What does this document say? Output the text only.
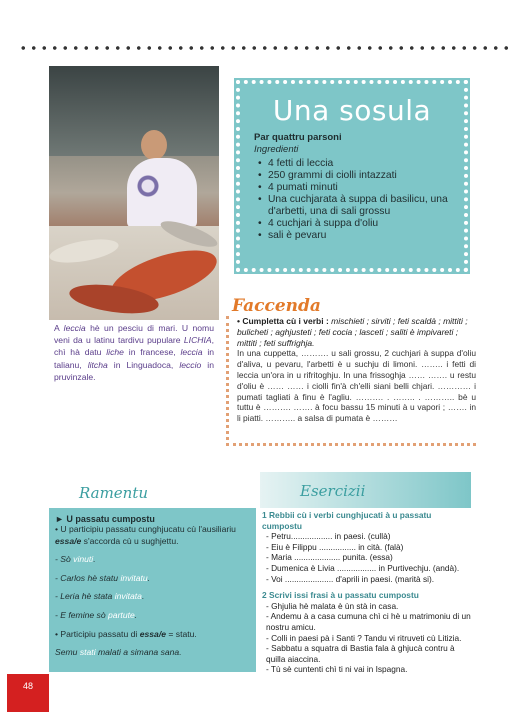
A leccia hè un pesciu di mari. U nomu veni da u latinu tardivu pupulare LICHIA, chì hà datu liche in francese, leccia in talianu, litcha in Linguadoca, leccio in pruvinzale.
Una sosula
Par quattru parsoni
Ingredienti
• 4 fetti di leccia
• 250 grammi di ciolli intazzati
• 4 pumati minuti
• Una cuchjarata à suppa di basilicu, una d'arbetti, una di sali grossu
• 4 cuchjari à suppa d'oliu
• sali è pevaru
Faccenda
• Cumpletta cù i verbi : mischieti ; sirviti ; feti scaldà ; mittiti ; bulicheti ; aghjusteti ; feti cocia ; lasceti ; saliti è impivareti ; mittiti ; feti suffrighja.
In una cuppetta, ………. u sali grossu, 2 cuchjari à suppa d'oliu d'aliva, u pevaru, l'arbetti è u suchju di limoni. …….. i fetti di leccia un'ora in u rifritoghju. In una frissoghja …… ……. u restu d'oliu è …… …… i ciolli fin'à ch'elli siani belli chjari. ………… i pumati tagliati à finu è l'agliu. ………. . …….. . ……….. bè u tuttu è ………. ……. à focu bassu 15 minuti à u vapori ; ……. in li piatti. ……….. a salsa di pumata è ………
Ramentu	Esercizii
► U passatu cumpostu

• U participiu passatu cunghjucatu cù l'ausiliariu essa/e s'accorda cù u sughjettu.

- Sò vinuti.

- Carlos hè statu invitatu.

- Leria hè stata invitata.

- E femine sò partute.

• Participiu passatu di essa/e = statu.

Semu stati malati a simana sana.

1 Rebbii cù i verbi cunghjucati à u passatu cumpostu
- Petru.................. in paesi. (cullà)
- Eiu è Filippu ................ in cità. (falà)
- Maria .................... punita. (essa)
- Dumenica è Livia ................. in Purtivechju. (andà).
- Voi ..................... d'aprili in paesi. (marità si).
2 Scrivi issi frasi à u passatu cumpostu
- Ghjulia hè malata è ùn stà in casa.
- Andemu à a casa cumuna chì ci hè u matrimoniu di un nostru amicu.
- Colli in paesi pà i Santi ? Tandu vi ritruveti cù Litizia.
- Sabbatu a squatra di Bastia fala à ghjucà contru à quilla aiaccina.
- Tù sè cuntenti chì ti ni vai in Ispagna.
48
